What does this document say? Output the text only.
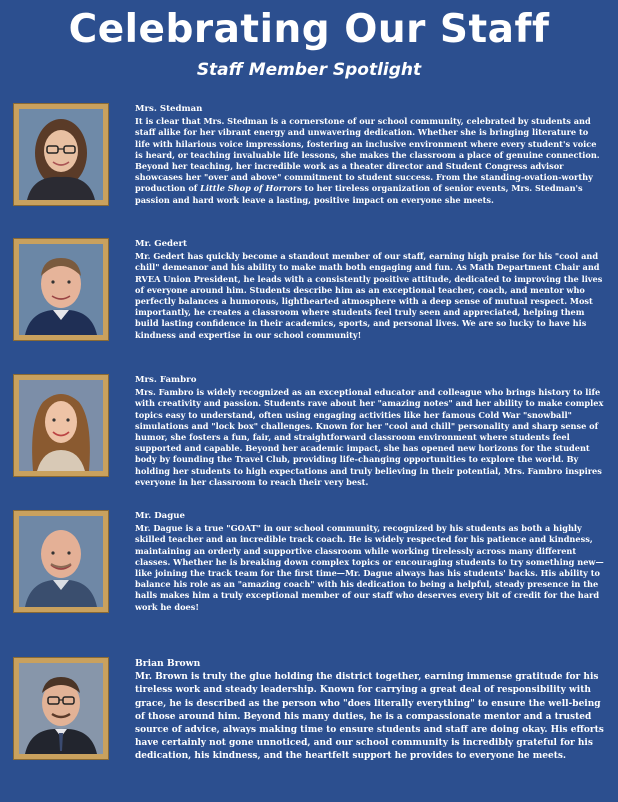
Celebrating Our Staff
Staff Member Spotlight
Mrs. Stedman
It is clear that Mrs. Stedman is a cornerstone of our school community, celebrated by students and staff alike for her vibrant energy and unwavering dedication. Whether she is bringing literature to life with hilarious voice impressions, fostering an inclusive environment where every student's voice is heard, or teaching invaluable life lessons, she makes the classroom a place of genuine connection. Beyond her teaching, her incredible work as a theater director and Student Congress advisor showcases her "over and above" commitment to student success. From the standing-ovation-worthy production of Little Shop of Horrors to her tireless organization of senior events, Mrs. Stedman's passion and hard work leave a lasting, positive impact on everyone she meets.
Mr. Gedert
Mr. Gedert has quickly become a standout member of our staff, earning high praise for his "cool and chill" demeanor and his ability to make math both engaging and fun. As Math Department Chair and RVEA Union President, he leads with a consistently positive attitude, dedicated to improving the lives of everyone around him. Students describe him as an exceptional teacher, coach, and mentor who perfectly balances a humorous, lighthearted atmosphere with a deep sense of mutual respect. Most importantly, he creates a classroom where students feel truly seen and appreciated, helping them build lasting confidence in their academics, sports, and personal lives. We are so lucky to have his kindness and expertise in our school community!
Mrs. Fambro
Mrs. Fambro is widely recognized as an exceptional educator and colleague who brings history to life with creativity and passion. Students rave about her "amazing notes" and her ability to make complex topics easy to understand, often using engaging activities like her famous Cold War "snowball" simulations and "lock box" challenges. Known for her "cool and chill" personality and sharp sense of humor, she fosters a fun, fair, and straightforward classroom environment where students feel supported and capable. Beyond her academic impact, she has opened new horizons for the student body by founding the Travel Club, providing life-changing opportunities to explore the world. By holding her students to high expectations and truly believing in their potential, Mrs. Fambro inspires everyone in her classroom to reach their very best.
Mr. Dague
Mr. Dague is a true "GOAT" in our school community, recognized by his students as both a highly skilled teacher and an incredible track coach. He is widely respected for his patience and kindness, maintaining an orderly and supportive classroom while working tirelessly across many different classes. Whether he is breaking down complex topics or encouraging students to try something new—like joining the track team for the first time—Mr. Dague always has his students' backs. His ability to balance his role as an "amazing coach" with his dedication to being a helpful, steady presence in the halls makes him a truly exceptional member of our staff who deserves every bit of credit for the hard work he does!
Brian Brown
Mr. Brown is truly the glue holding the district together, earning immense gratitude for his tireless work and steady leadership. Known for carrying a great deal of responsibility with grace, he is described as the person who "does literally everything" to ensure the well-being of those around him. Beyond his many duties, he is a compassionate mentor and a trusted source of advice, always making time to ensure students and staff are doing okay. His efforts have certainly not gone unnoticed, and our school community is incredibly grateful for his dedication, his kindness, and the heartfelt support he provides to everyone he meets.
